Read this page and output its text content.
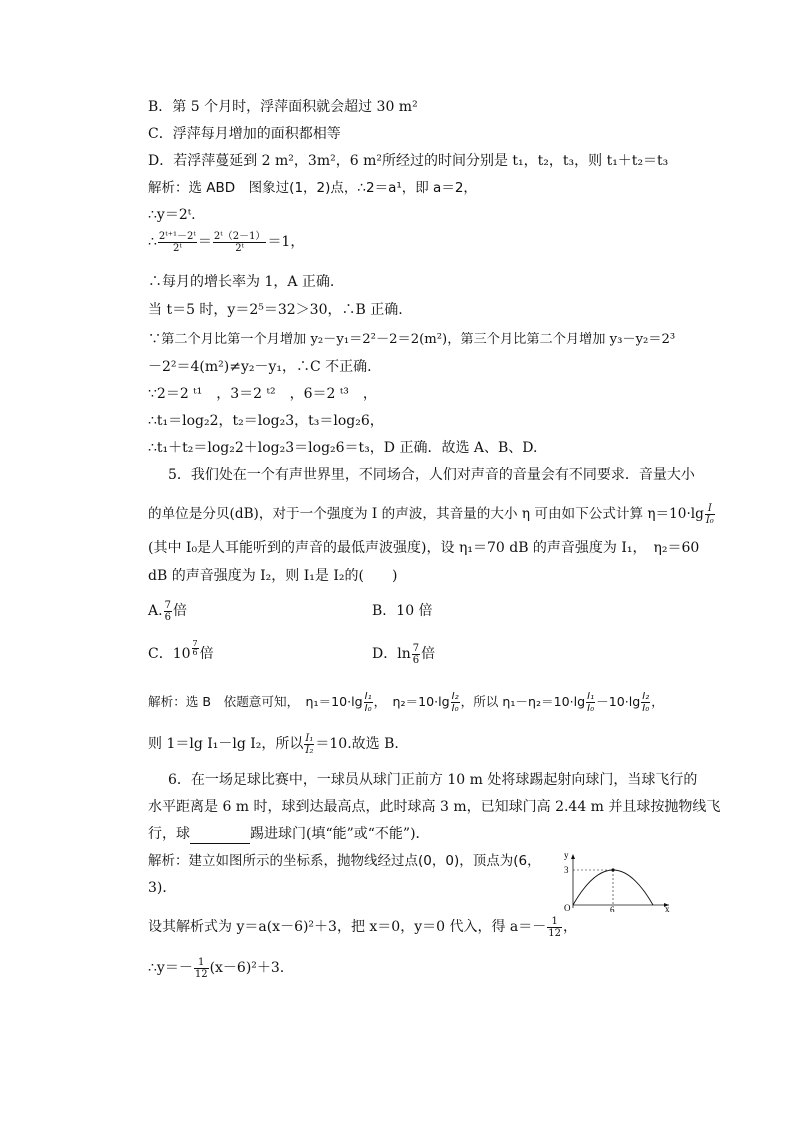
B．第 5 个月时，浮萍面积就会超过 30 m²
C．浮萍每月增加的面积都相等
D．若浮萍蔓延到 2 m²，3m²，6 m²所经过的时间分别是 t₁，t₂，t₃，则 t₁＋t₂＝t₃
解析：选 ABD　图象过(1，2)点，∴2＝a¹，即 a＝2，
∴y＝2ᵗ.
∴ $\frac{\text{2ᵗ⁺¹－2ᵗ}}{\text{2ᵗ}} = \frac{\text{2ᵗ（2－1）}}{\text{2ᵗ}} =1$，
∴每月的增长率为 1，A 正确.
当 t＝5 时，y＝2⁵＝32＞30，∴B 正确.
∵第二个月比第一个月增加 y₂－y₁＝2²－2＝2(m²)，第三个月比第二个月增加 y₃－y₂＝2³
－2²＝4(m²)≠y₂－y₁，∴C 不正确.
∵2＝2 ᵗ¹　，3＝2 ᵗ²　，6＝2 ᵗ³　，
∴t₁＝log₂2，t₂＝log₂3，t₃＝log₂6，
∴t₁＋t₂＝log₂2＋log₂3＝log₂6＝t₃，D 正确．故选 A、B、D.
5．我们处在一个有声世界里，不同场合，人们对声音的音量会有不同要求．音量大小
的单位是分贝(dB)，对于一个强度为 I 的声波，其音量的大小 η 可由如下公式计算 $\eta=10\cdot\lg \frac{I}{\text{I₀}}$
(其中 I₀是人耳能听到的声音的最低声波强度)，设 η₁＝70 dB 的声音强度为 I₁，　η₂＝60
dB 的声音强度为 I₂，则 I₁是 I₂的(　　)
A. $\frac{7}{6}$ 倍	B．10 倍
C．$10 \frac{7}{6}$ 倍	D．$\ln \frac{7}{6}$ 倍
解析：选 B　依题意可知，　$\eta_1=10\cdot\lg \frac{\text{I₁}}{\text{I₀}}$ ，　$\eta_2=10\cdot\lg \frac{\text{I₂}}{\text{I₀}}$ ，所以 $\eta_1-\eta_2=10\cdot\lg \frac{\text{I₁}}{\text{I₀}} -10\cdot\lg \frac{\text{I₂}}{\text{I₀}}$ ，
则 1＝lg I₁－lg I₂，所以 $\frac{\text{I₁}}{\text{I₂}} =10$.故选 B.
6．在一场足球比赛中，一球员从球门正前方 10 m 处将球踢起射向球门，当球飞行的
水平距离是 6 m 时，球到达最高点，此时球高 3 m，已知球门高 2.44 m 并且球按抛物线飞
行，球	踢进球门(填“能”或“不能”)．
解析：建立如图所示的坐标系，抛物线经过点(0，0)，顶点为(6，
3)．
设其解析式为 y＝a(x－6)²＋3，把 x＝0，y＝0 代入，得 $a=- \frac{1}{12}$ ，
∴y＝－ $\frac{1}{12} (x-6)^2+3$.
y
x
O
3
6
